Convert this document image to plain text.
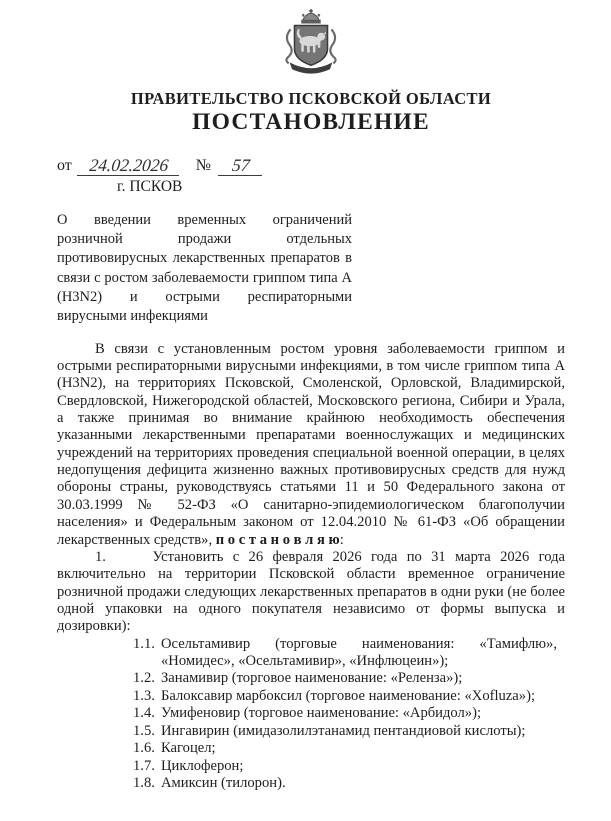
ПРАВИТЕЛЬСТВО ПСКОВСКОЙ ОБЛАСТИ
ПОСТАНОВЛЕНИЕ
от 24.02.2026 № 57
г. ПСКОВ

О введении временных ограничений розничной продажи отдельных противовирусных лекарственных препаратов в связи с ростом заболеваемости гриппом типа А (H3N2) и острыми респираторными вирусными инфекциями

В связи с установленным ростом уровня заболеваемости гриппом и острыми респираторными вирусными инфекциями, в том числе гриппом типа А (H3N2), на территориях Псковской, Смоленской, Орловской, Владимирской, Свердловской, Нижегородской областей, Московского региона, Сибири и Урала, а также принимая во внимание крайнюю необходимость обеспечения указанными лекарственными препаратами военнослужащих и медицинских учреждений на территориях проведения специальной военной операции, в целях недопущения дефицита жизненно важных противовирусных средств для нужд обороны страны, руководствуясь статьями 11 и 50 Федерального закона от 30.03.1999 № 52-ФЗ «О санитарно-эпидемиологическом благополучии населения» и Федеральным законом от 12.04.2010 № 61-ФЗ «Об обращении лекарственных средств», п о с т а н о в л я ю:

1.     Установить с 26 февраля 2026 года по 31 марта 2026 года включительно на территории Псковской области временное ограничение розничной продажи следующих лекарственных препаратов в одни руки (не более одной упаковки на одного покупателя независимо от формы выпуска и дозировки):

1.1. Осельтамивир (торговые наименования: «Тамифлю», «Номидес», «Осельтамивир», «Инфлюцеин»);
1.2. Занамивир (торговое наименование: «Реленза»);
1.3. Балоксавир марбоксил (торговое наименование: «Xofluza»);
1.4. Умифеновир (торговое наименование: «Арбидол»);
1.5. Ингавирин (имидазолилэтанамид пентандиовой кислоты);
1.6. Кагоцел;
1.7. Циклоферон;
1.8. Амиксин (тилорон).
